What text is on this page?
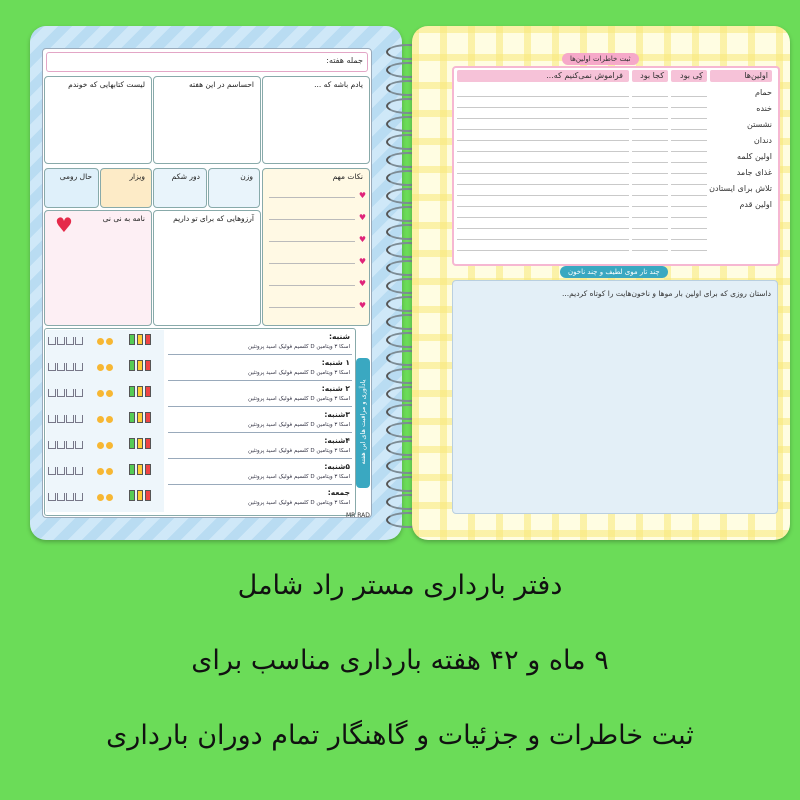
جمله هفته:
یادم باشه که ...
احساسم در این هفته
لیست کتابهایی که خوندم
نکات مهم
♥
♥
♥
♥
♥
♥
وزن
دور شکم
ویزار
حال رومی
آرزوهایی که برای تو داریم
نامه به نی نی
♥
شنبه:
اسکا ۳ ویتامین D کلسیم فولیک اسید پروتئین
۱ شنبه:
اسکا ۳ ویتامین D کلسیم فولیک اسید پروتئین
۲ شنبه:
اسکا ۳ ویتامین D کلسیم فولیک اسید پروتئین
۳شنبه:
اسکا ۳ ویتامین D کلسیم فولیک اسید پروتئین
۴شنبه:
اسکا ۳ ویتامین D کلسیم فولیک اسید پروتئین
۵شنبه:
اسکا ۳ ویتامین D کلسیم فولیک اسید پروتئین
جمعه:
اسکا ۳ ویتامین D کلسیم فولیک اسید پروتئین
یادآوری و مراقبت های این هفته
MR RAD
ثبت خاطرات اولین‌ها
اولین‌ها
کِی بود
کجا بود
فراموش نمی‌کنیم که...
حمام
خنده
نشستن
دندان
اولین کلمه
غذای جامد
تلاش برای ایستادن
اولین قدم
چند تار موی لطیف و چند ناخون
داستان روزی که برای اولین بار موها و ناخون‌هایت را کوتاه کردیم...
دفتر بارداری مستر راد شامل
۹ ماه و ۴۲ هفته بارداری مناسب برای
ثبت خاطرات و جزئیات و گاهنگار تمام دوران بارداری
